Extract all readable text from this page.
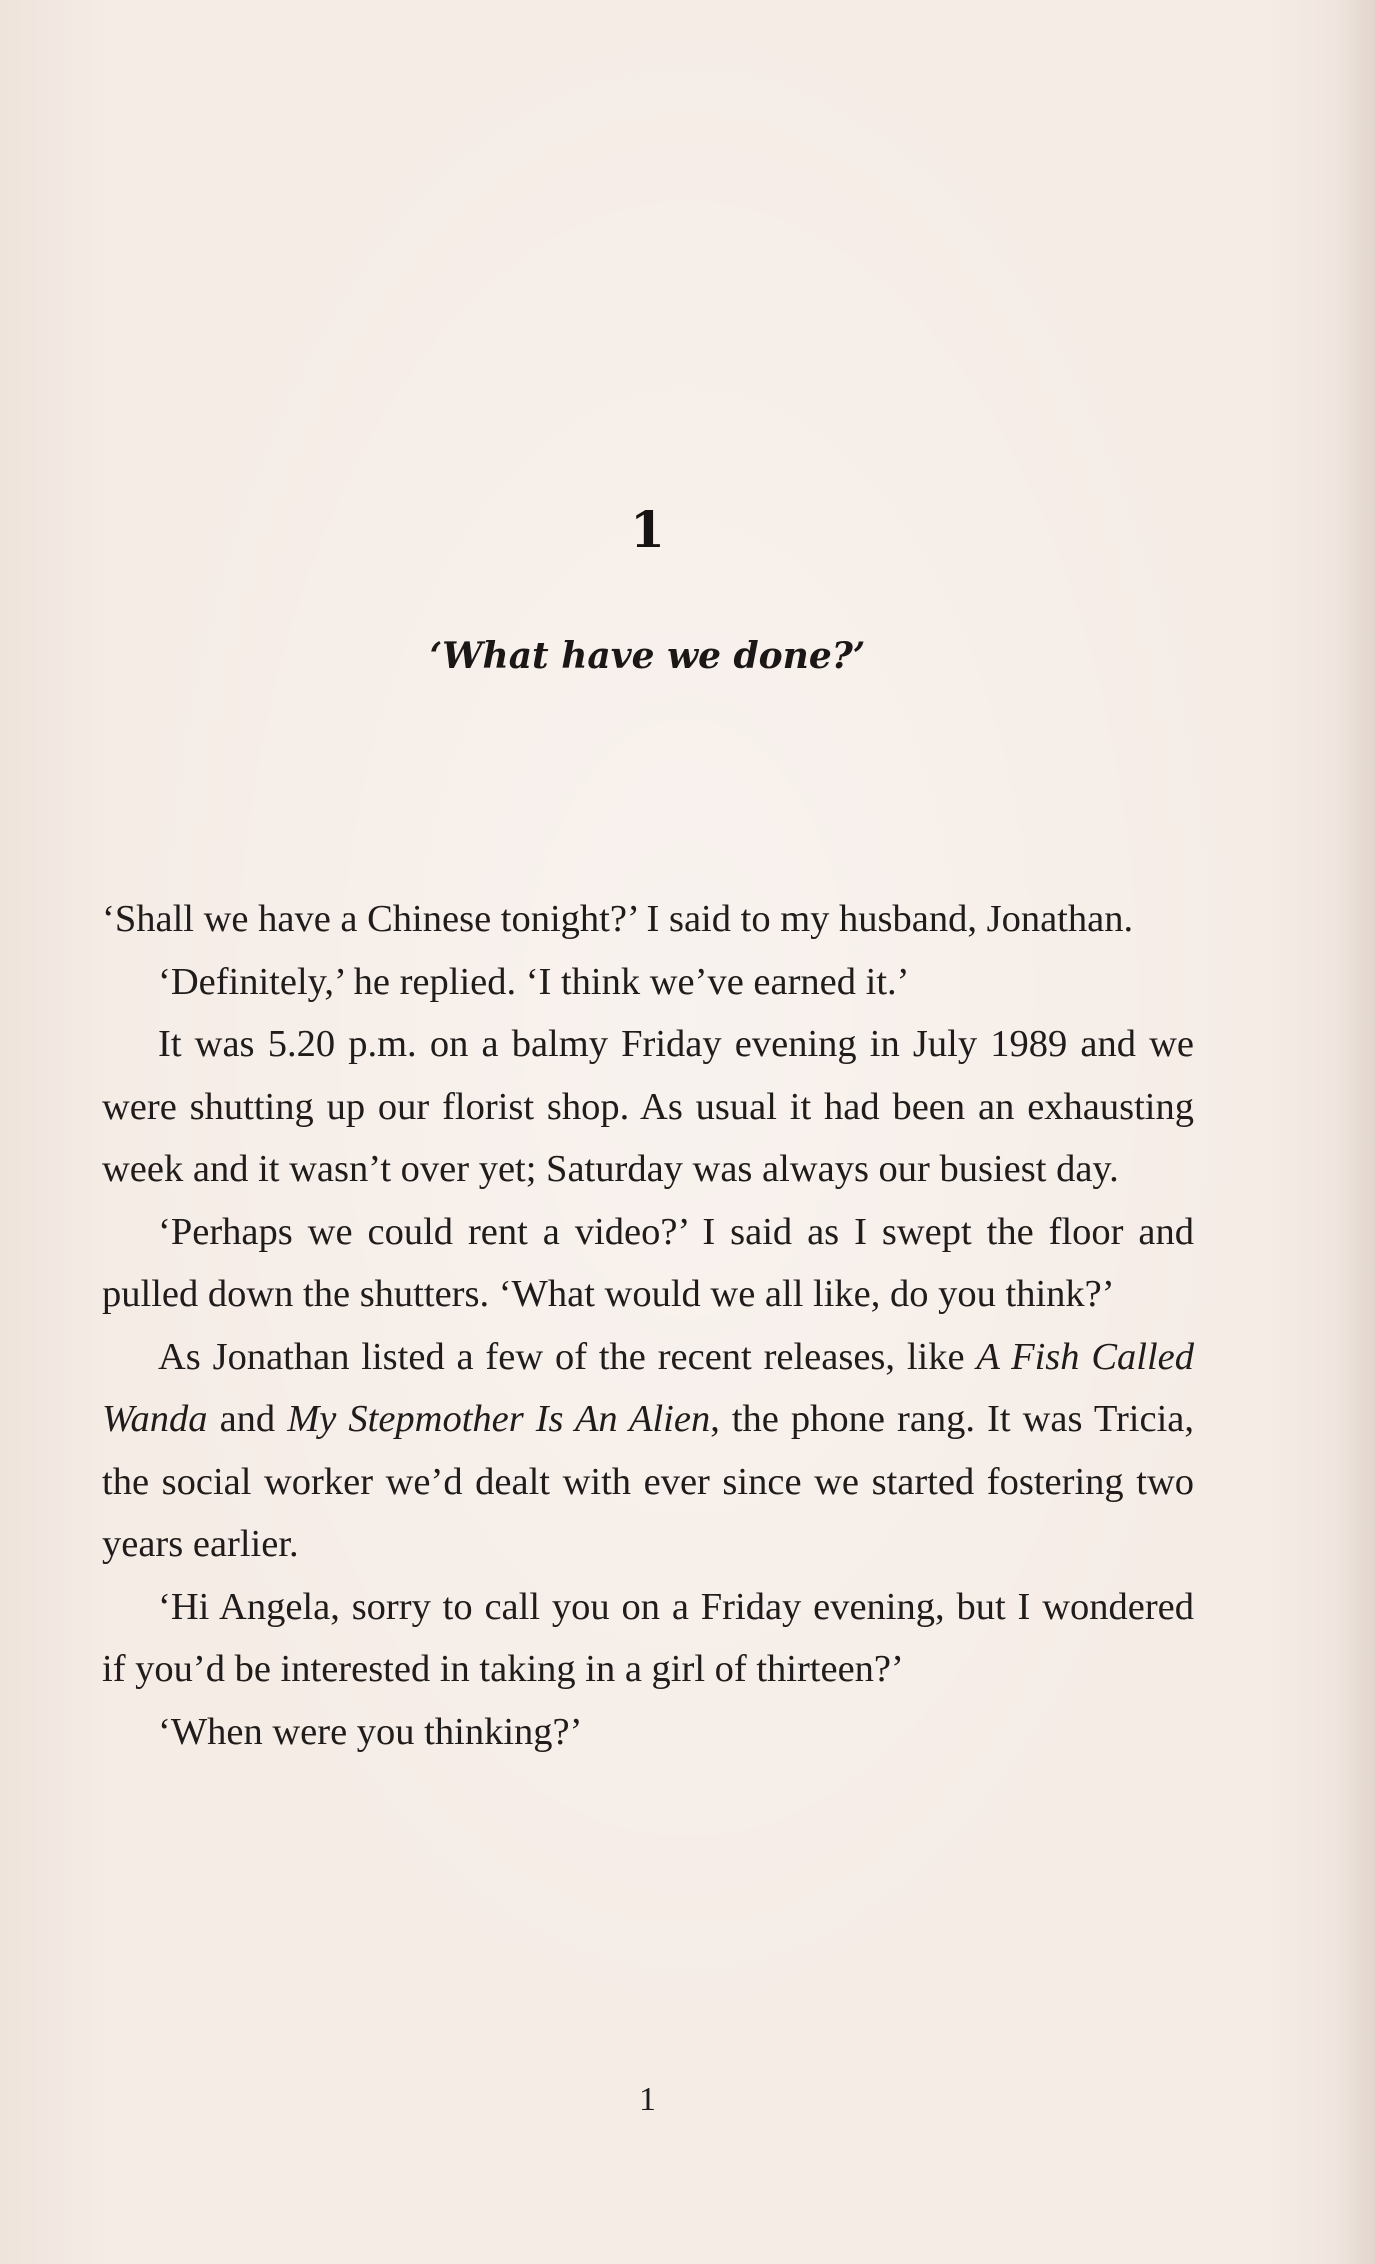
1
‘What have we done?’

‘Shall we have a Chinese tonight?’ I said to my husband, Jonathan.

‘Definitely,’ he replied. ‘I think we’ve earned it.’

It was 5.20 p.m. on a balmy Friday evening in July 1989 and we were shutting up our florist shop. As usual it had been an exhausting week and it wasn’t over yet; Saturday was always our busiest day.

‘Perhaps we could rent a video?’ I said as I swept the floor and pulled down the shutters. ‘What would we all like, do you think?’

As Jonathan listed a few of the recent releases, like A Fish Called Wanda and My Stepmother Is An Alien, the phone rang. It was Tricia, the social worker we’d dealt with ever since we started fostering two years earlier.

‘Hi Angela, sorry to call you on a Friday evening, but I wondered if you’d be interested in taking in a girl of thirteen?’

‘When were you thinking?’

1
